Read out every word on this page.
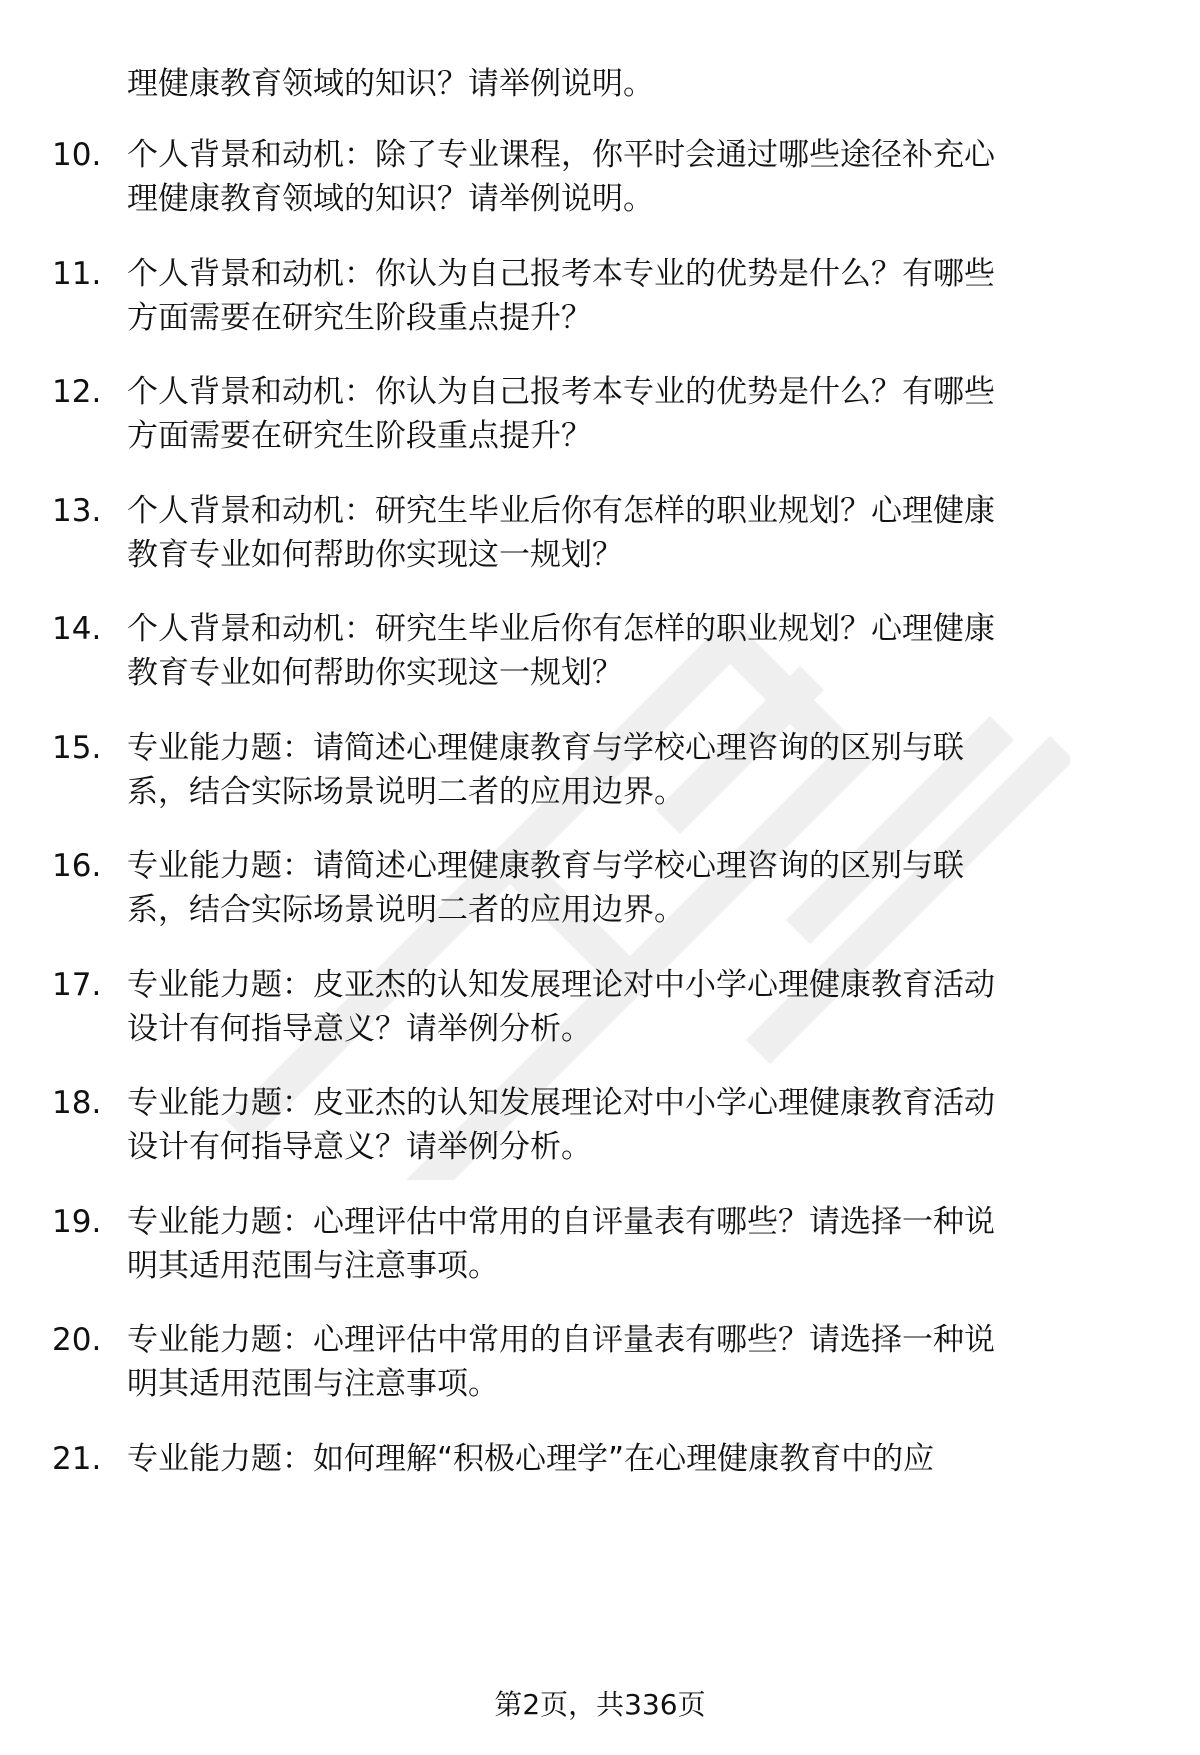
理健康教育领域的知识？请举例说明。
10. 个人背景和动机：除了专业课程，你平时会通过哪些途径补充心
理健康教育领域的知识？请举例说明。
11. 个人背景和动机：你认为自己报考本专业的优势是什么？有哪些
方面需要在研究生阶段重点提升？
12. 个人背景和动机：你认为自己报考本专业的优势是什么？有哪些
方面需要在研究生阶段重点提升？
13. 个人背景和动机：研究生毕业后你有怎样的职业规划？心理健康
教育专业如何帮助你实现这一规划？
14. 个人背景和动机：研究生毕业后你有怎样的职业规划？心理健康
教育专业如何帮助你实现这一规划？
15. 专业能力题：请简述心理健康教育与学校心理咨询的区别与联
系，结合实际场景说明二者的应用边界。
16. 专业能力题：请简述心理健康教育与学校心理咨询的区别与联
系，结合实际场景说明二者的应用边界。
17. 专业能力题：皮亚杰的认知发展理论对中小学心理健康教育活动
设计有何指导意义？请举例分析。
18. 专业能力题：皮亚杰的认知发展理论对中小学心理健康教育活动
设计有何指导意义？请举例分析。
19. 专业能力题：心理评估中常用的自评量表有哪些？请选择一种说
明其适用范围与注意事项。
20. 专业能力题：心理评估中常用的自评量表有哪些？请选择一种说
明其适用范围与注意事项。
21. 专业能力题：如何理解“积极心理学”在心理健康教育中的应
第2页，共336页
